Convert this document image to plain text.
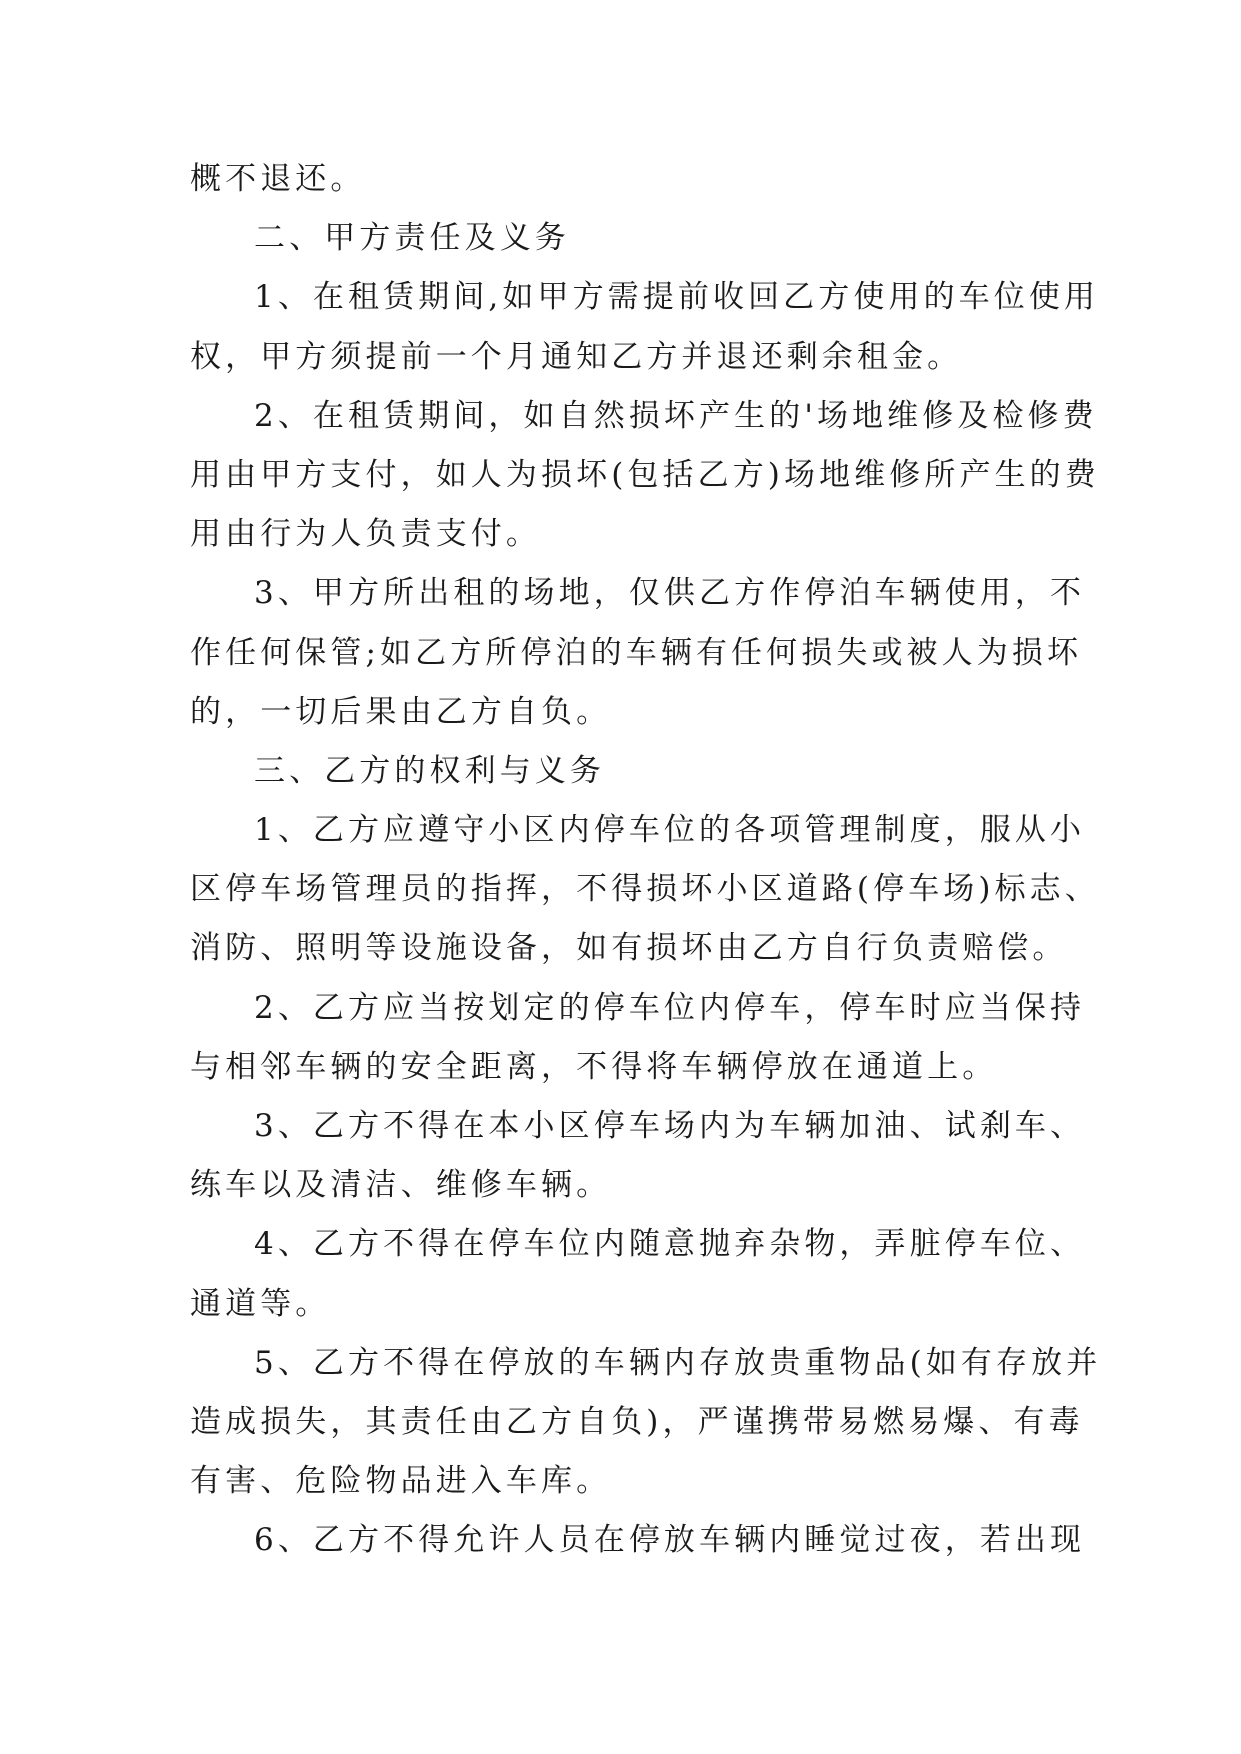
概不退还。
二、甲方责任及义务
1、在租赁期间,如甲方需提前收回乙方使用的车位使用
权，甲方须提前一个月通知乙方并退还剩余租金。
2、在租赁期间，如自然损坏产生的'场地维修及检修费
用由甲方支付，如人为损坏(包括乙方)场地维修所产生的费
用由行为人负责支付。
3、甲方所出租的场地，仅供乙方作停泊车辆使用，不
作任何保管;如乙方所停泊的车辆有任何损失或被人为损坏
的，一切后果由乙方自负。
三、乙方的权利与义务
1、乙方应遵守小区内停车位的各项管理制度，服从小
区停车场管理员的指挥，不得损坏小区道路(停车场)标志、
消防、照明等设施设备，如有损坏由乙方自行负责赔偿。
2、乙方应当按划定的停车位内停车，停车时应当保持
与相邻车辆的安全距离，不得将车辆停放在通道上。
3、乙方不得在本小区停车场内为车辆加油、试刹车、
练车以及清洁、维修车辆。
4、乙方不得在停车位内随意抛弃杂物，弄脏停车位、
通道等。
5、乙方不得在停放的车辆内存放贵重物品(如有存放并
造成损失，其责任由乙方自负)，严谨携带易燃易爆、有毒
有害、危险物品进入车库。
6、乙方不得允许人员在停放车辆内睡觉过夜，若出现
